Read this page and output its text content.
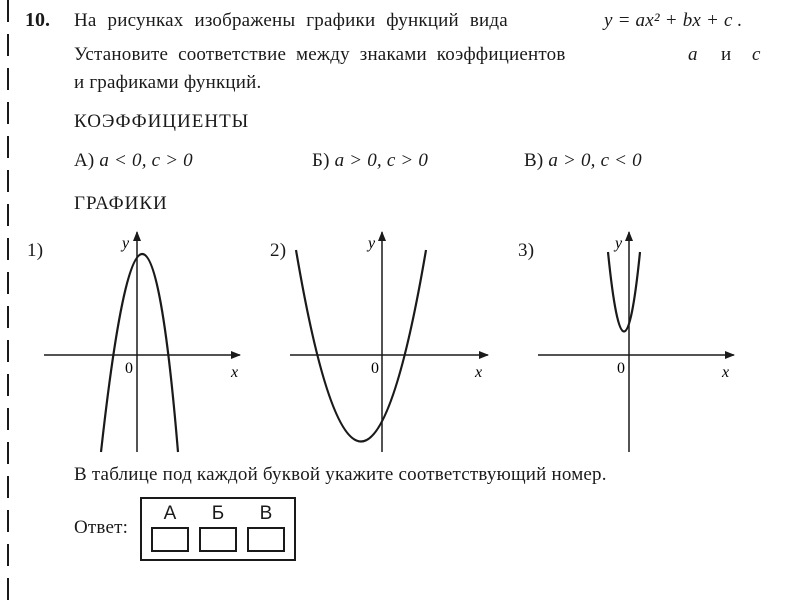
10. На рисунках изображены графики функций вида	y = ax² + bx + c .
Установите соответствие между знаками коэффициентов	a и c
и графиками функций.
КОЭФФИЦИЕНТЫ
А) a < 0, c > 0	Б) a > 0, c > 0	В) a > 0, c < 0
ГРАФИКИ
1)	2)	3)
y
x
0
y
x
0
y
x
0
В таблице под каждой буквой укажите соответствующий номер.
Ответ:
А	Б	В
